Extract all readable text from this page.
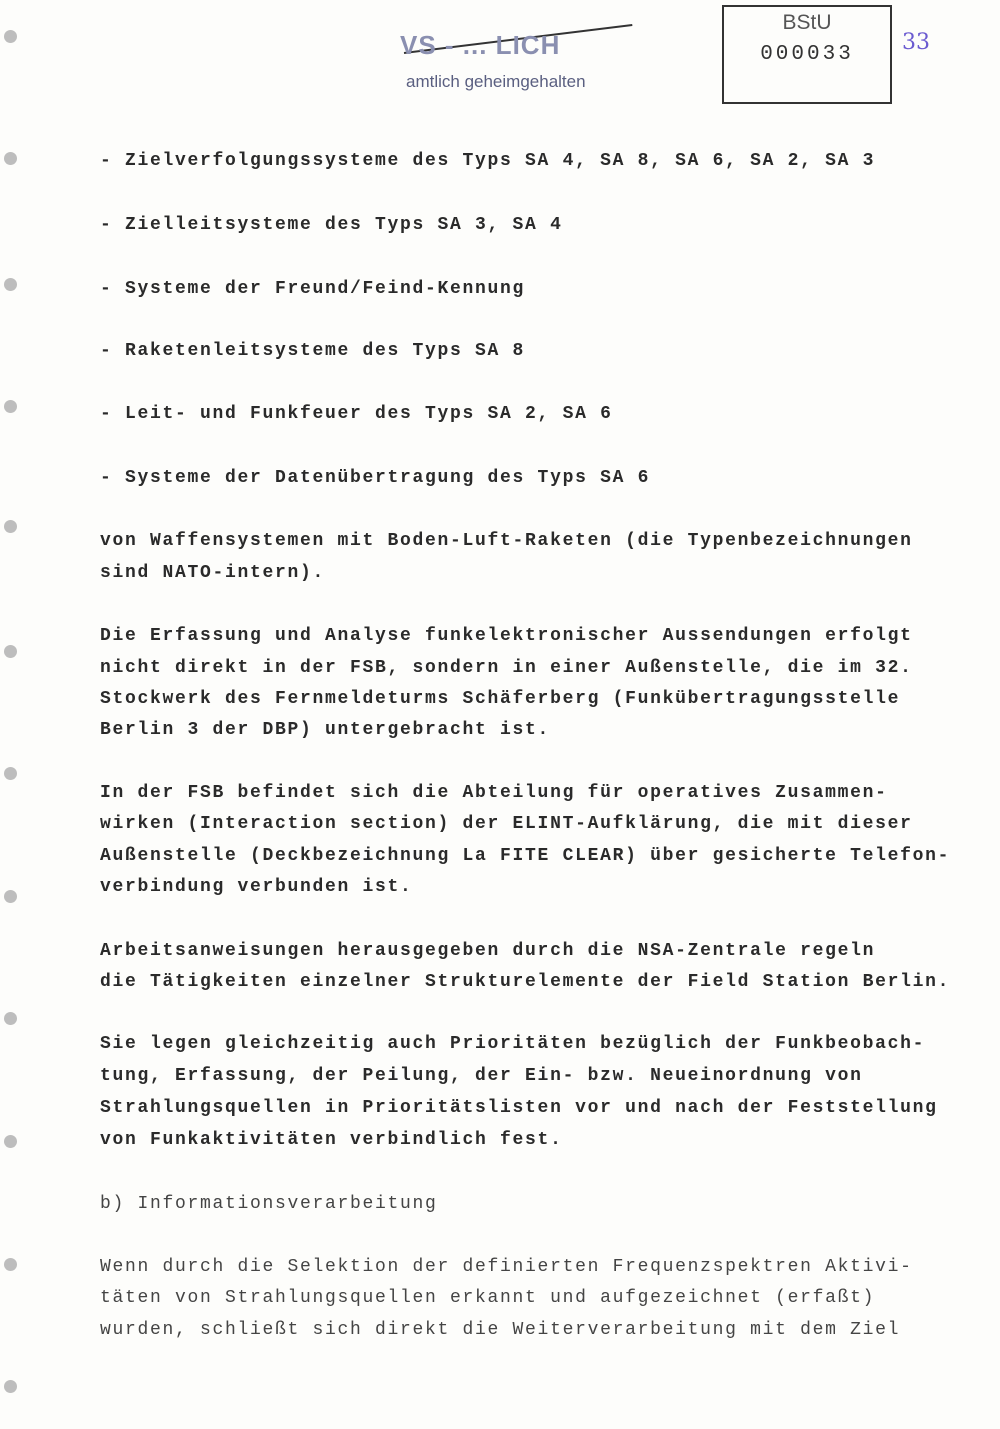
VS - ... LICH
amtlich geheimgehalten
BStU
000033	33
- Zielverfolgungssysteme des Typs SA 4, SA 8, SA 6, SA 2, SA 3
- Zielleitsysteme des Typs SA 3, SA 4
- Systeme der Freund/Feind-Kennung
- Raketenleitsysteme des Typs SA 8
- Leit- und Funkfeuer des Typs SA 2, SA 6
- Systeme der Datenübertragung des Typs SA 6
von Waffensystemen mit Boden-Luft-Raketen (die Typenbezeichnungen
sind NATO-intern).
Die Erfassung und Analyse funkelektronischer Aussendungen erfolgt
nicht direkt in der FSB, sondern in einer Außenstelle, die im 32.
Stockwerk des Fernmeldeturms Schäferberg (Funkübertragungsstelle
Berlin 3 der DBP) untergebracht ist.
In der FSB befindet sich die Abteilung für operatives Zusammen-
wirken (Interaction section) der ELINT-Aufklärung, die mit dieser
Außenstelle (Deckbezeichnung La FITE CLEAR) über gesicherte Telefon-
verbindung verbunden ist.
Arbeitsanweisungen herausgegeben durch die NSA-Zentrale regeln
die Tätigkeiten einzelner Strukturelemente der Field Station Berlin.
Sie legen gleichzeitig auch Prioritäten bezüglich der Funkbeobach-
tung, Erfassung, der Peilung, der Ein- bzw. Neueinordnung von
Strahlungsquellen in Prioritätslisten vor und nach der Feststellung
von Funkaktivitäten verbindlich fest.
b) Informationsverarbeitung
Wenn durch die Selektion der definierten Frequenzspektren Aktivi-
täten von Strahlungsquellen erkannt und aufgezeichnet (erfaßt)
wurden, schließt sich direkt die Weiterverarbeitung mit dem Ziel
